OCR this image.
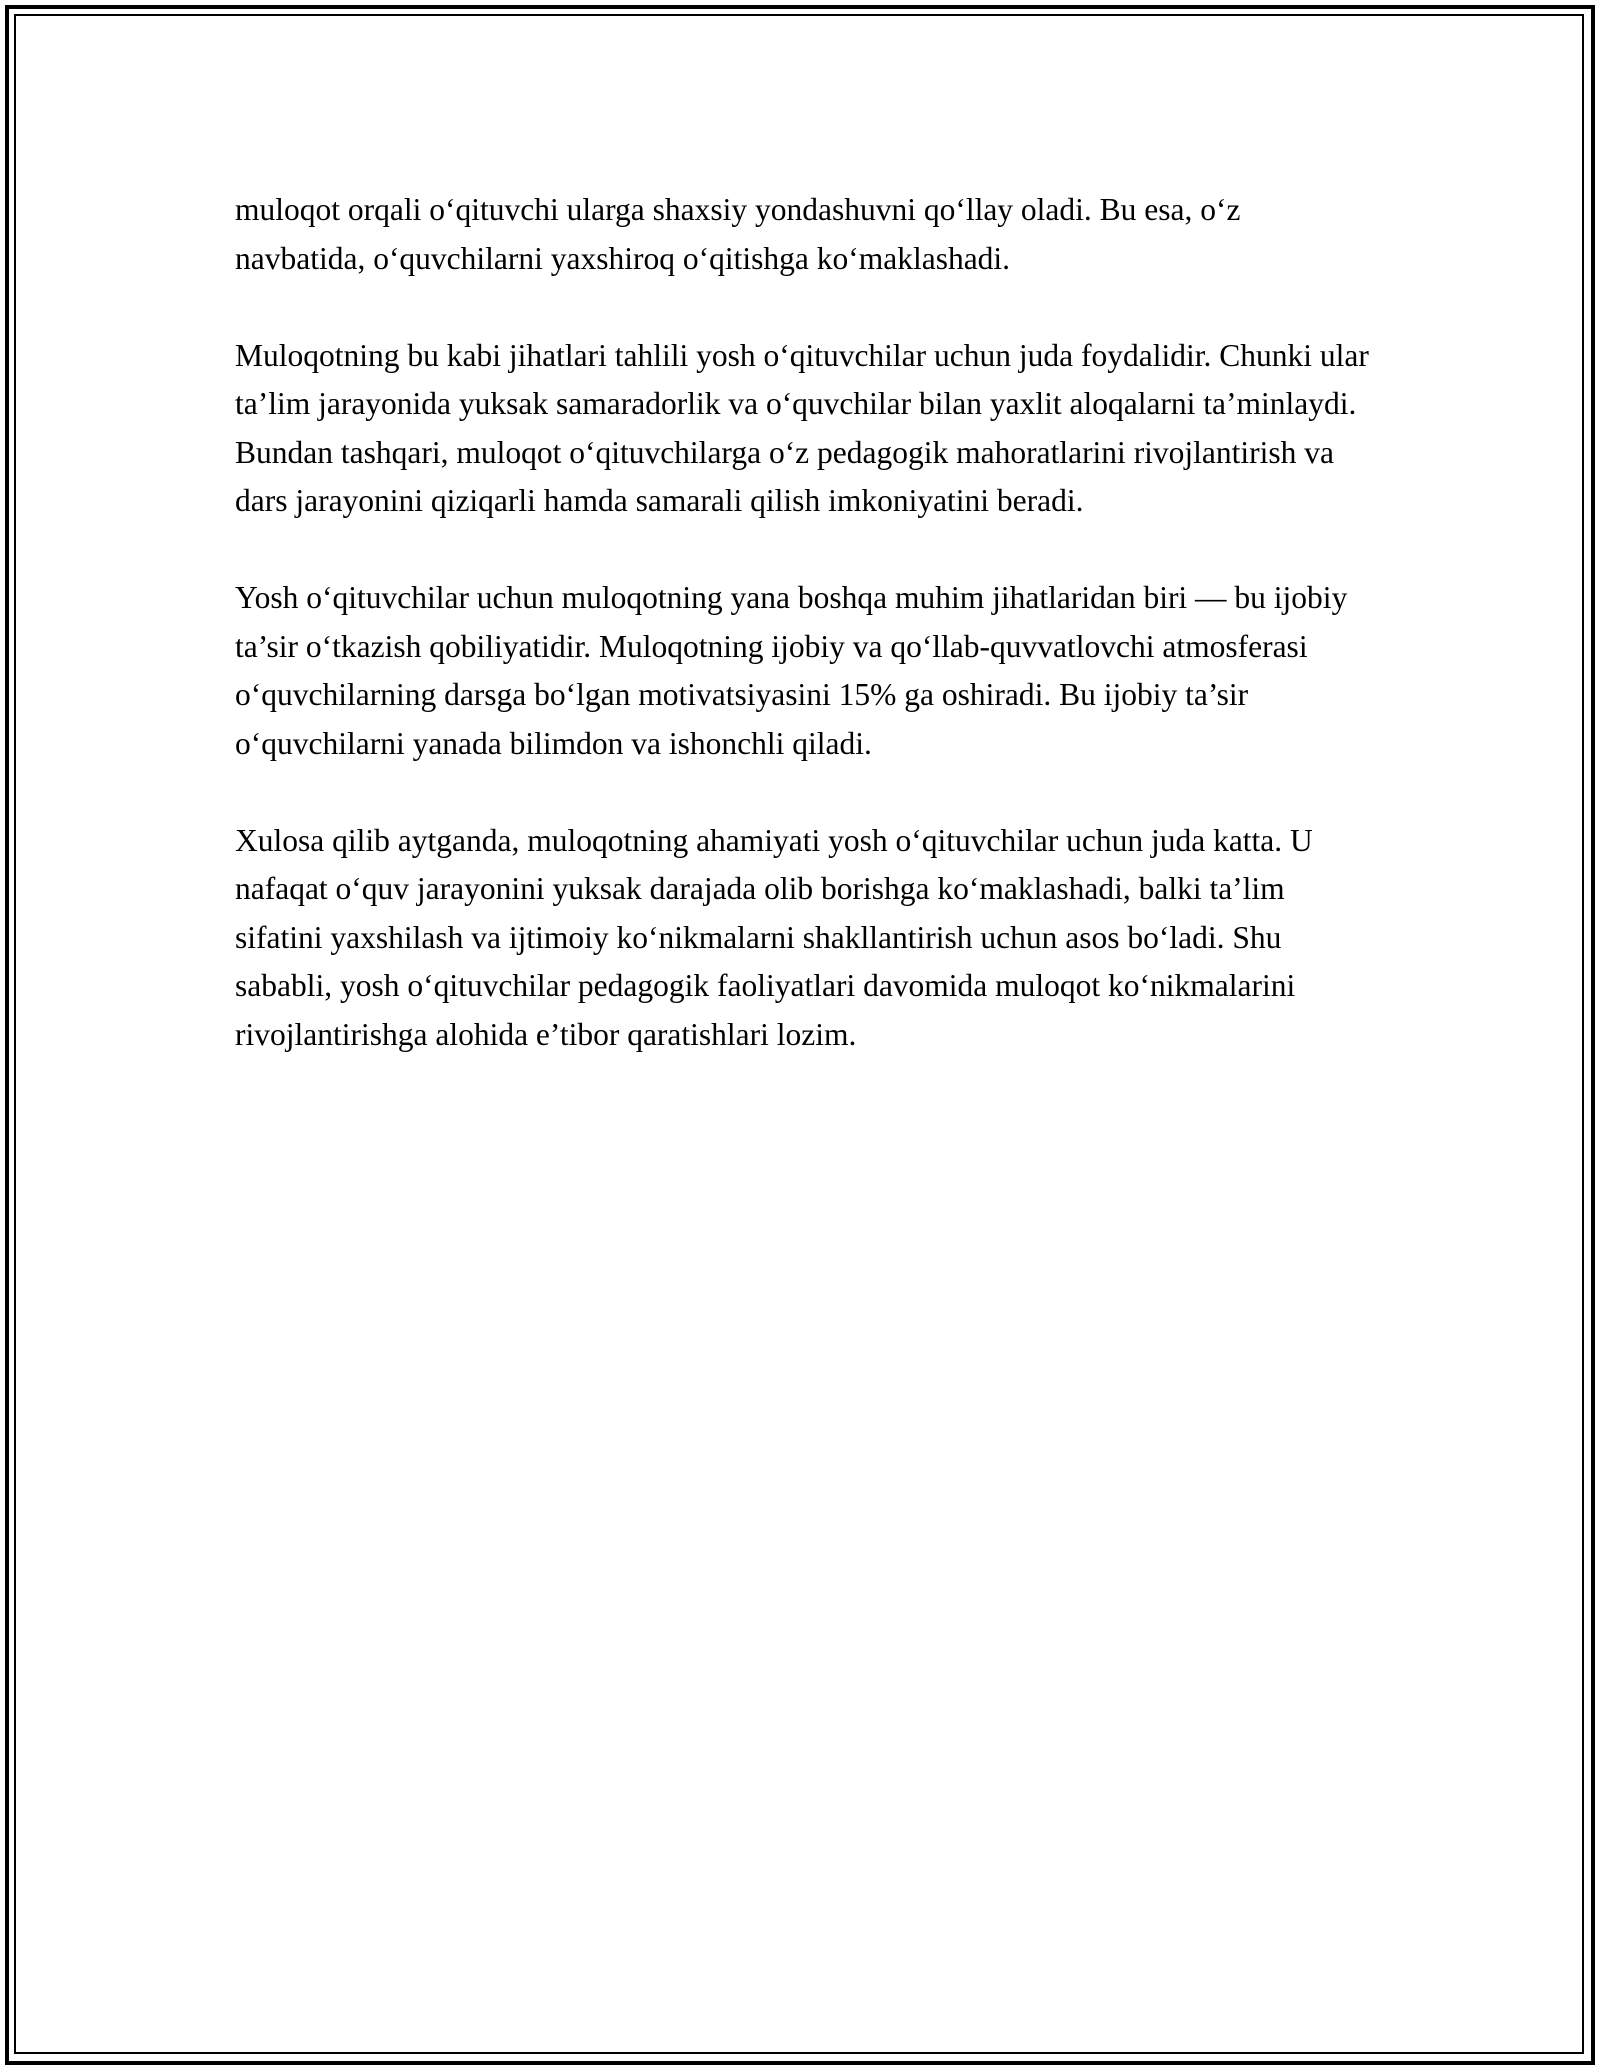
muloqot orqali o‘qituvchi ularga shaxsiy yondashuvni qo‘llay oladi. Bu esa, o‘z navbatida, o‘quvchilarni yaxshiroq o‘qitishga ko‘maklashadi.

Muloqotning bu kabi jihatlari tahlili yosh o‘qituvchilar uchun juda foydalidir. Chunki ular ta’lim jarayonida yuksak samaradorlik va o‘quvchilar bilan yaxlit aloqalarni ta’minlaydi. Bundan tashqari, muloqot o‘qituvchilarga o‘z pedagogik mahoratlarini rivojlantirish va dars jarayonini qiziqarli hamda samarali qilish imkoniyatini beradi.

Yosh o‘qituvchilar uchun muloqotning yana boshqa muhim jihatlaridan biri — bu ijobiy ta’sir o‘tkazish qobiliyatidir. Muloqotning ijobiy va qo‘llab-quvvatlovchi atmosferasi o‘quvchilarning darsga bo‘lgan motivatsiyasini 15% ga oshiradi. Bu ijobiy ta’sir o‘quvchilarni yanada bilimdon va ishonchli qiladi.

Xulosa qilib aytganda, muloqotning ahamiyati yosh o‘qituvchilar uchun juda katta. U nafaqat o‘quv jarayonini yuksak darajada olib borishga ko‘maklashadi, balki ta’lim sifatini yaxshilash va ijtimoiy ko‘nikmalarni shakllantirish uchun asos bo‘ladi. Shu sababli, yosh o‘qituvchilar pedagogik faoliyatlari davomida muloqot ko‘nikmalarini rivojlantirishga alohida e’tibor qaratishlari lozim.
